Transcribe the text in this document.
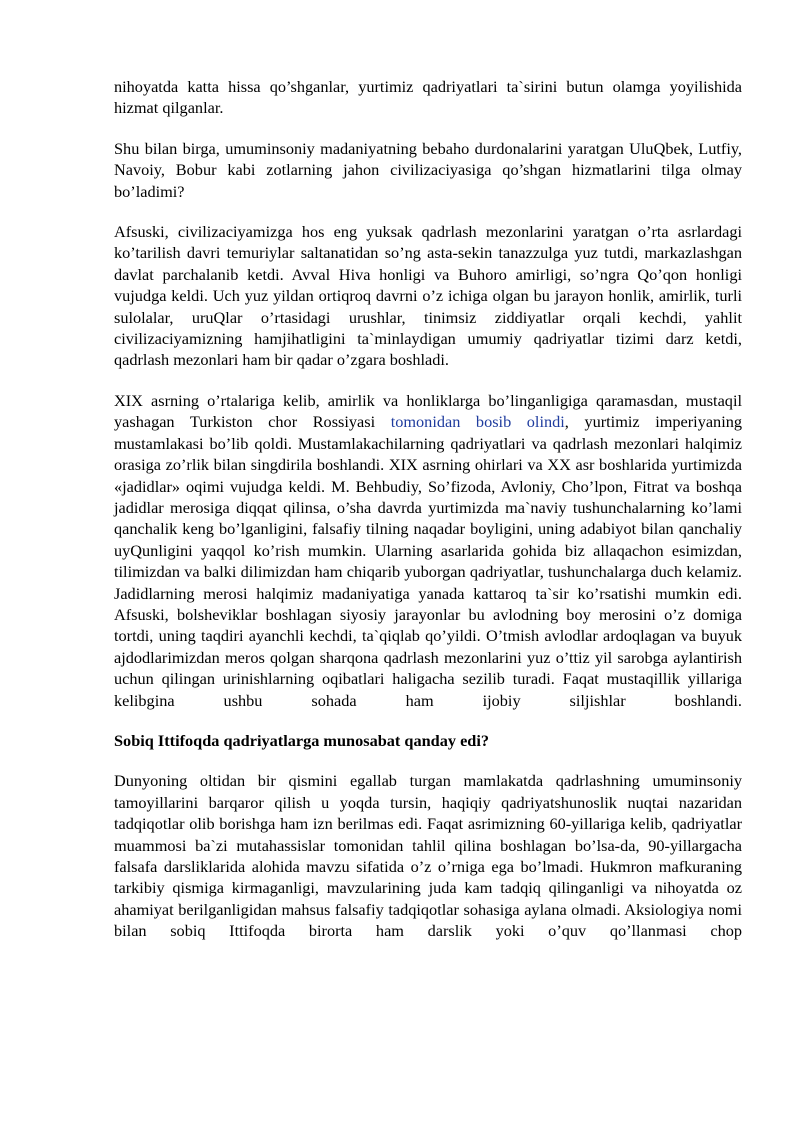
nihoyatda katta hissa qo’shganlar, yurtimiz qadriyatlari ta`sirini butun olamga yoyilishida hizmat qilganlar.

Shu bilan birga, umuminsoniy madaniyatning bebaho durdonalarini yaratgan UluQbek, Lutfiy, Navoiy, Bobur kabi zotlarning jahon civilizaciyasiga qo’shgan hizmatlarini tilga olmay bo’ladimi?

Afsuski, civilizaciyamizga hos eng yuksak qadrlash mezonlarini yaratgan o’rta asrlardagi ko’tarilish davri temuriylar saltanatidan so’ng asta-sekin tanazzulga yuz tutdi, markazlashgan davlat parchalanib ketdi. Avval Hiva honligi va Buhoro amirligi, so’ngra Qo’qon honligi vujudga keldi. Uch yuz yildan ortiqroq davrni o’z ichiga olgan bu jarayon honlik, amirlik, turli sulolalar, uruQlar o’rtasidagi urushlar, tinimsiz ziddiyatlar orqali kechdi, yahlit civilizaciyamizning hamjihatligini ta`minlaydigan umumiy qadriyatlar tizimi darz ketdi, qadrlash mezonlari ham bir qadar o’zgara boshladi.

XIX asrning o’rtalariga kelib, amirlik va honliklarga bo’linganligiga qaramasdan, mustaqil yashagan Turkiston chor Rossiyasi tomonidan bosib olindi, yurtimiz imperiyaning mustamlakasi bo’lib qoldi. Mustamlakachilarning qadriyatlari va qadrlash mezonlari halqimiz orasiga zo’rlik bilan singdirila boshlandi. XIX asrning ohirlari va XX asr boshlarida yurtimizda «jadidlar» oqimi vujudga keldi. M. Behbudiy, So’fizoda, Avloniy, Cho’lpon, Fitrat va boshqa jadidlar merosiga diqqat qilinsa, o’sha davrda yurtimizda ma`naviy tushunchalarning ko’lami qanchalik keng bo’lganligini, falsafiy tilning naqadar boyligini, uning adabiyot bilan qanchaliy uyQunligini yaqqol ko’rish mumkin. Ularning asarlarida gohida biz allaqachon esimizdan, tilimizdan va balki dilimizdan ham chiqarib yuborgan qadriyatlar, tushunchalarga duch kelamiz. Jadidlarning merosi halqimiz madaniyatiga yanada kattaroq ta`sir ko’rsatishi mumkin edi. Afsuski, bolsheviklar boshlagan siyosiy jarayonlar bu avlodning boy merosini o’z domiga tortdi, uning taqdiri ayanchli kechdi, ta`qiqlab qo’yildi. O’tmish avlodlar ardoqlagan va buyuk ajdodlarimizdan meros qolgan sharqona qadrlash mezonlarini yuz o’ttiz yil sarobga aylantirish uchun qilingan urinishlarning oqibatlari haligacha sezilib turadi. Faqat mustaqillik yillariga kelibgina ushbu sohada ham ijobiy siljishlar boshlandi.

Sobiq Ittifoqda qadriyatlarga munosabat qanday edi?

Dunyoning oltidan bir qismini egallab turgan mamlakatda qadrlashning umuminsoniy tamoyillarini barqaror qilish u yoqda tursin, haqiqiy qadriyatshunoslik nuqtai nazaridan tadqiqotlar olib borishga ham izn berilmas edi. Faqat asrimizning 60-yillariga kelib, qadriyatlar muammosi ba`zi mutahassislar tomonidan tahlil qilina boshlagan bo’lsa-da, 90-yillargacha falsafa darsliklarida alohida mavzu sifatida o’z o’rniga ega bo’lmadi. Hukmron mafkuraning tarkibiy qismiga kirmaganligi, mavzularining juda kam tadqiq qilinganligi va nihoyatda oz ahamiyat berilganligidan mahsus falsafiy tadqiqotlar sohasiga aylana olmadi. Aksiologiya nomi bilan sobiq Ittifoqda birorta ham darslik yoki o’quv qo’llanmasi chop
